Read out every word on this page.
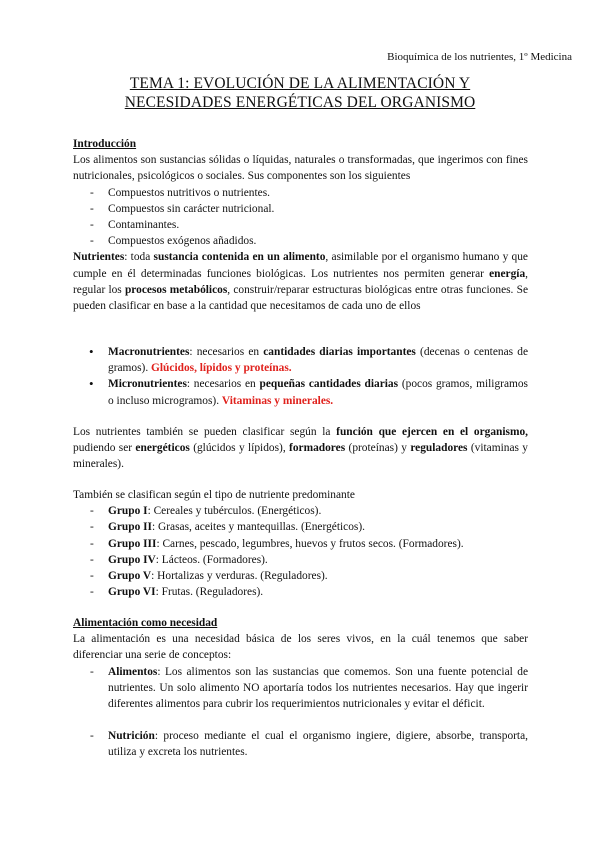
Bioquímica de los nutrientes, 1º Medicina
TEMA 1: EVOLUCIÓN DE LA ALIMENTACIÓN Y
NECESIDADES ENERGÉTICAS DEL ORGANISMO
Introducción
Los alimentos son sustancias sólidas o líquidas, naturales o transformadas, que ingerimos con fines nutricionales, psicológicos o sociales. Sus componentes son los siguientes
- Compuestos nutritivos o nutrientes.
- Compuestos sin carácter nutricional.
- Contaminantes.
- Compuestos exógenos añadidos.
Nutrientes: toda sustancia contenida en un alimento, asimilable por el organismo humano y que cumple en él determinadas funciones biológicas. Los nutrientes nos permiten generar energía, regular los procesos metabólicos, construir/reparar estructuras biológicas entre otras funciones. Se pueden clasificar en base a la cantidad que necesitamos de cada uno de ellos
• Macronutrientes: necesarios en cantidades diarias importantes (decenas o centenas de gramos). Glúcidos, lípidos y proteínas.
• Micronutrientes: necesarios en pequeñas cantidades diarias (pocos gramos, miligramos o incluso microgramos). Vitaminas y minerales.
Los nutrientes también se pueden clasificar según la función que ejercen en el organismo, pudiendo ser energéticos (glúcidos y lípidos), formadores (proteínas) y reguladores (vitaminas y minerales).
También se clasifican según el tipo de nutriente predominante
- Grupo I: Cereales y tubérculos. (Energéticos).
- Grupo II: Grasas, aceites y mantequillas. (Energéticos).
- Grupo III: Carnes, pescado, legumbres, huevos y frutos secos. (Formadores).
- Grupo IV: Lácteos. (Formadores).
- Grupo V: Hortalizas y verduras. (Reguladores).
- Grupo VI: Frutas. (Reguladores).
Alimentación como necesidad
La alimentación es una necesidad básica de los seres vivos, en la cuál tenemos que saber diferenciar una serie de conceptos:
- Alimentos: Los alimentos son las sustancias que comemos. Son una fuente potencial de nutrientes. Un solo alimento NO aportaría todos los nutrientes necesarios. Hay que ingerir diferentes alimentos para cubrir los requerimientos nutricionales y evitar el déficit.
- Nutrición: proceso mediante el cual el organismo ingiere, digiere, absorbe, transporta, utiliza y excreta los nutrientes.
